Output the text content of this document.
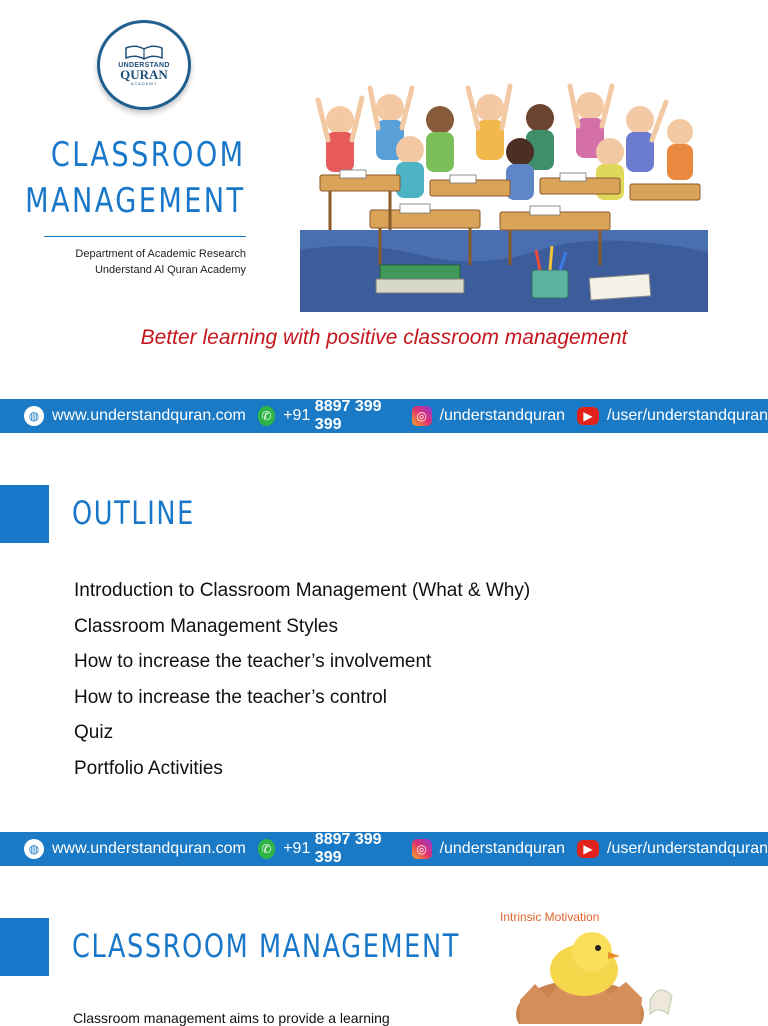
UNDERSTAND
QURAN
ACADEMY
CLASSROOM
MANAGEMENT
Department of Academic Research
Understand Al Quran Academy
Better learning with positive classroom management
◍ www.understandquran.com	✆ +91

8897 399 399	◎ /understandquran	▶ /user/understandquran
OUTLINE
Introduction to Classroom Management (What & Why)
Classroom Management Styles
How to increase the teacher’s involvement
How to increase the teacher’s control
Quiz
Portfolio Activities
◍ www.understandquran.com	✆ +91

8897 399 399	◎ /understandquran	▶ /user/understandquran
CLASSROOM MANAGEMENT
Intrinsic Motivation
Classroom management aims to provide a learning
